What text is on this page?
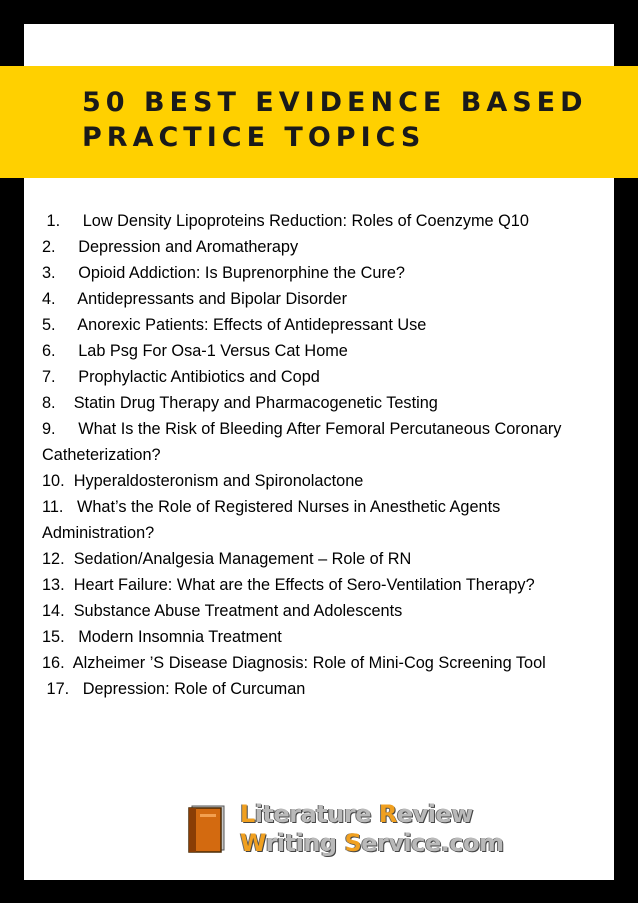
50 BEST EVIDENCE BASED
PRACTICE TOPICS
1.     Low Density Lipoproteins Reduction: Roles of Coenzyme Q10
2.     Depression and Aromatherapy
3.     Opioid Addiction: Is Buprenorphine the Cure?
4.     Antidepressants and Bipolar Disorder
5.     Anorexic Patients: Effects of Antidepressant Use
6.     Lab Psg For Osa-1 Versus Cat Home
7.     Prophylactic Antibiotics and Copd
8.    Statin Drug Therapy and Pharmacogenetic Testing
9.     What Is the Risk of Bleeding After Femoral Percutaneous Coronary Catheterization?
10.  Hyperaldosteronism and Spironolactone
11.   What’s the Role of Registered Nurses in Anesthetic Agents Administration?
12.  Sedation/Analgesia Management – Role of RN
13.  Heart Failure: What are the Effects of Sero-Ventilation Therapy?
14.  Substance Abuse Treatment and Adolescents
15.   Modern Insomnia Treatment
16.  Alzheimer ’S Disease Diagnosis: Role of Mini-Cog Screening Tool
17.   Depression: Role of Curcuman
Literature Review
Writing Service.com
